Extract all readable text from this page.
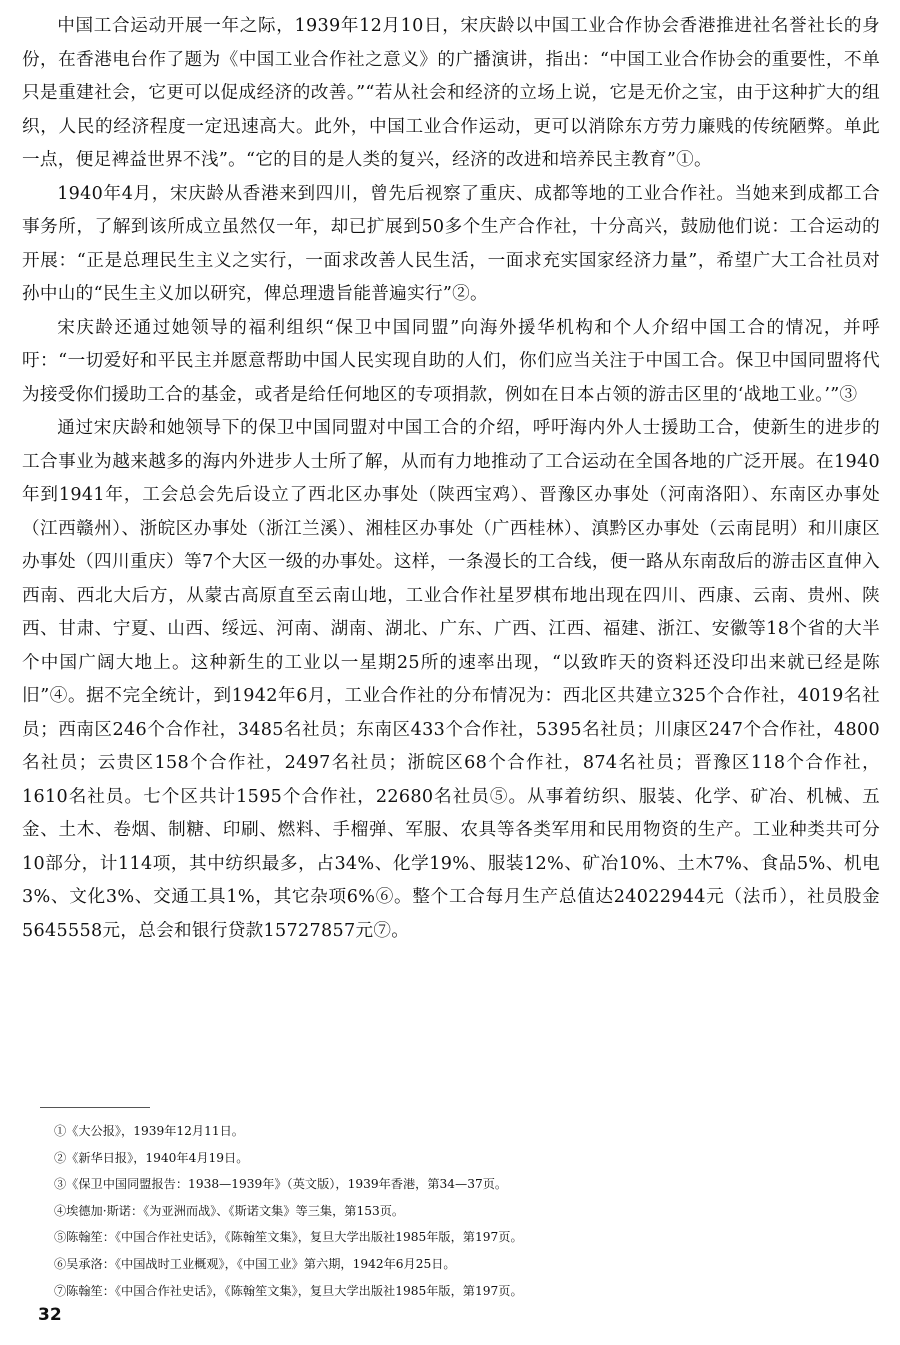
中国工合运动开展一年之际，1939年12月10日，宋庆龄以中国工业合作协会香港推进社名誉社长的身份，在香港电台作了题为《中国工业合作社之意义》的广播演讲，指出：“中国工业合作协会的重要性，不单只是重建社会，它更可以促成经济的改善。”“若从社会和经济的立场上说，它是无价之宝，由于这种扩大的组织，人民的经济程度一定迅速高大。此外，中国工业合作运动，更可以消除东方劳力廉贱的传统陋弊。单此一点，便足裨益世界不浅”。“它的目的是人类的复兴，经济的改进和培养民主教育”①。

1940年4月，宋庆龄从香港来到四川，曾先后视察了重庆、成都等地的工业合作社。当她来到成都工合事务所，了解到该所成立虽然仅一年，却已扩展到50多个生产合作社，十分高兴，鼓励他们说：工合运动的开展：“正是总理民生主义之实行，一面求改善人民生活，一面求充实国家经济力量”，希望广大工合社员对孙中山的“民生主义加以研究，俾总理遗旨能普遍实行”②。

宋庆龄还通过她领导的福利组织“保卫中国同盟”向海外援华机构和个人介绍中国工合的情况，并呼吁：“一切爱好和平民主并愿意帮助中国人民实现自助的人们，你们应当关注于中国工合。保卫中国同盟将代为接受你们援助工合的基金，或者是给任何地区的专项捐款，例如在日本占领的游击区里的‘战地工业。’”③

通过宋庆龄和她领导下的保卫中国同盟对中国工合的介绍，呼吁海内外人士援助工合，使新生的进步的工合事业为越来越多的海内外进步人士所了解，从而有力地推动了工合运动在全国各地的广泛开展。在1940年到1941年，工会总会先后设立了西北区办事处（陕西宝鸡）、晋豫区办事处（河南洛阳）、东南区办事处（江西赣州）、浙皖区办事处（浙江兰溪）、湘桂区办事处（广西桂林）、滇黔区办事处（云南昆明）和川康区办事处（四川重庆）等7个大区一级的办事处。这样，一条漫长的工合线，便一路从东南敌后的游击区直伸入西南、西北大后方，从蒙古高原直至云南山地，工业合作社星罗棋布地出现在四川、西康、云南、贵州、陕西、甘肃、宁夏、山西、绥远、河南、湖南、湖北、广东、广西、江西、福建、浙江、安徽等18个省的大半个中国广阔大地上。这种新生的工业以一星期25所的速率出现，“以致昨天的资料还没印出来就已经是陈旧”④。据不完全统计，到1942年6月，工业合作社的分布情况为：西北区共建立325个合作社，4019名社员；西南区246个合作社，3485名社员；东南区433个合作社，5395名社员；川康区247个合作社，4800名社员；云贵区158个合作社，2497名社员；浙皖区68个合作社，874名社员；晋豫区118个合作社，1610名社员。七个区共计1595个合作社，22680名社员⑤。从事着纺织、服装、化学、矿冶、机械、五金、土木、卷烟、制糖、印刷、燃料、手榴弹、军服、农具等各类军用和民用物资的生产。工业种类共可分10部分，计114项，其中纺织最多，占34%、化学19%、服装12%、矿冶10%、土木7%、食品5%、机电3%、文化3%、交通工具1%，其它杂项6%⑥。整个工合每月生产总值达24022944元（法币），社员股金5645558元，总会和银行贷款15727857元⑦。

①《大公报》，1939年12月11日。
②《新华日报》，1940年4月19日。
③《保卫中国同盟报告：1938—1939年》（英文版），1939年香港，第34—37页。
④埃德加·斯诺：《为亚洲而战》、《斯诺文集》等三集，第153页。
⑤陈翰笙：《中国合作社史话》，《陈翰笙文集》，复旦大学出版社1985年版，第197页。
⑥吴承洛：《中国战时工业概观》，《中国工业》第六期，1942年6月25日。
⑦陈翰笙：《中国合作社史话》，《陈翰笙文集》，复旦大学出版社1985年版，第197页。
32
